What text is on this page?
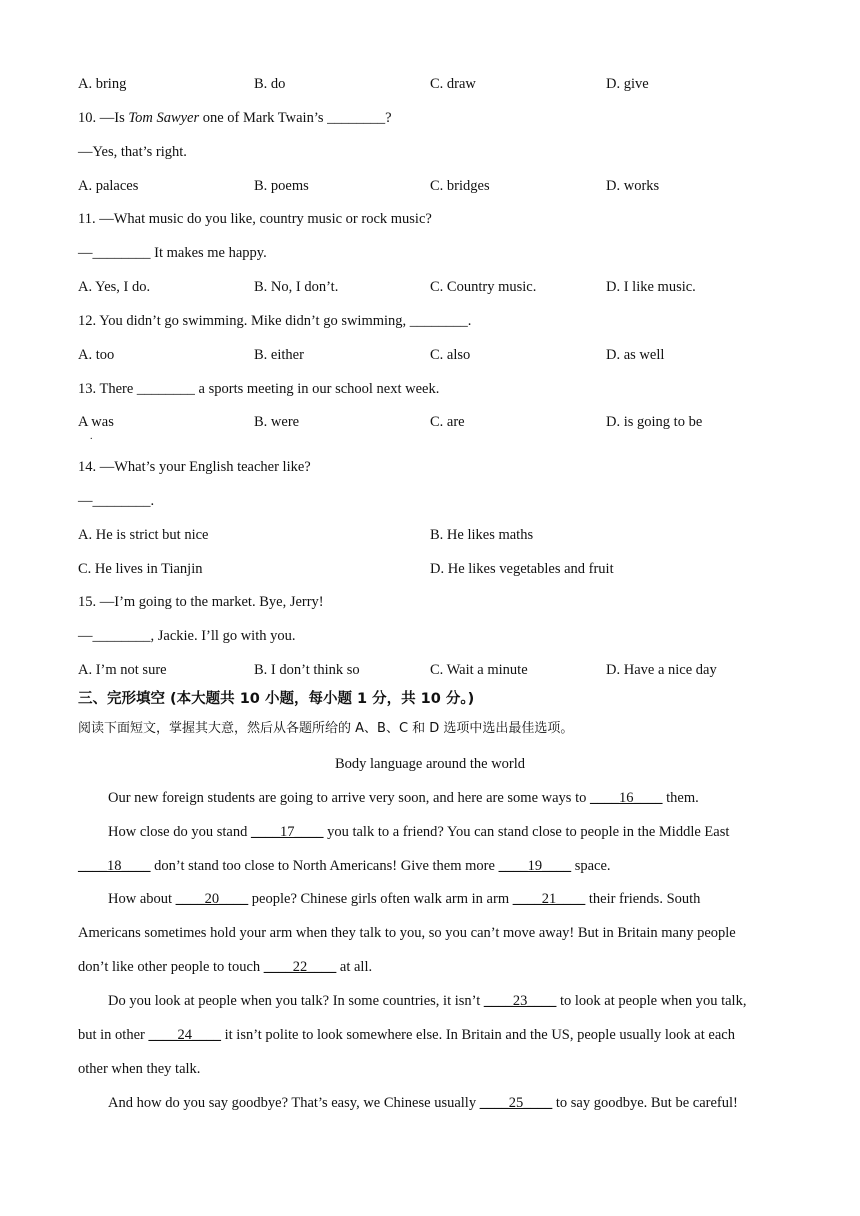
A. bring	B. do	C. draw	D. give
10. —Is Tom Sawyer one of Mark Twain’s ________?
—Yes, that’s right.
A. palaces	B. poems	C. bridges	D. works
11. —What music do you like, country music or rock music?
—________ It makes me happy.
A. Yes, I do.	B. No, I don’t.	C. Country music.	D. I like music.
12. You didn’t go swimming. Mike didn’t go swimming, ________.
A. too	B. either	C. also	D. as well
13. There ________ a sports meeting in our school next week.
A was
.
B. were	C. are	D. is going to be
14. —What’s your English teacher like?
—________.
A. He is strict but nice	B. He likes maths
C. He lives in Tianjin	D. He likes vegetables and fruit
15. —I’m going to the market. Bye, Jerry!
—________, Jackie. I’ll go with you.
A. I’m not sure	B. I don’t think so	C. Wait a minute	D. Have a nice day
三、完形填空 (本大题共 10 小题，每小题 1 分，共 10 分。)
阅读下面短文，掌握其大意，然后从各题所给的 A、B、C 和 D 选项中选出最佳选项。
Body language around the world
Our new foreign students are going to arrive very soon, and here are some ways to ____16____ them.
How close do you stand ____17____ you talk to a friend? You can stand close to people in the Middle East
____18____ don’t stand too close to North Americans! Give them more ____19____ space.
How about ____20____ people? Chinese girls often walk arm in arm ____21____ their friends. South
Americans sometimes hold your arm when they talk to you, so you can’t move away! But in Britain many people
don’t like other people to touch ____22____ at all.
Do you look at people when you talk? In some countries, it isn’t ____23____ to look at people when you talk,
but in other ____24____ it isn’t polite to look somewhere else. In Britain and the US, people usually look at each
other when they talk.
And how do you say goodbye? That’s easy, we Chinese usually ____25____ to say goodbye. But be careful!
